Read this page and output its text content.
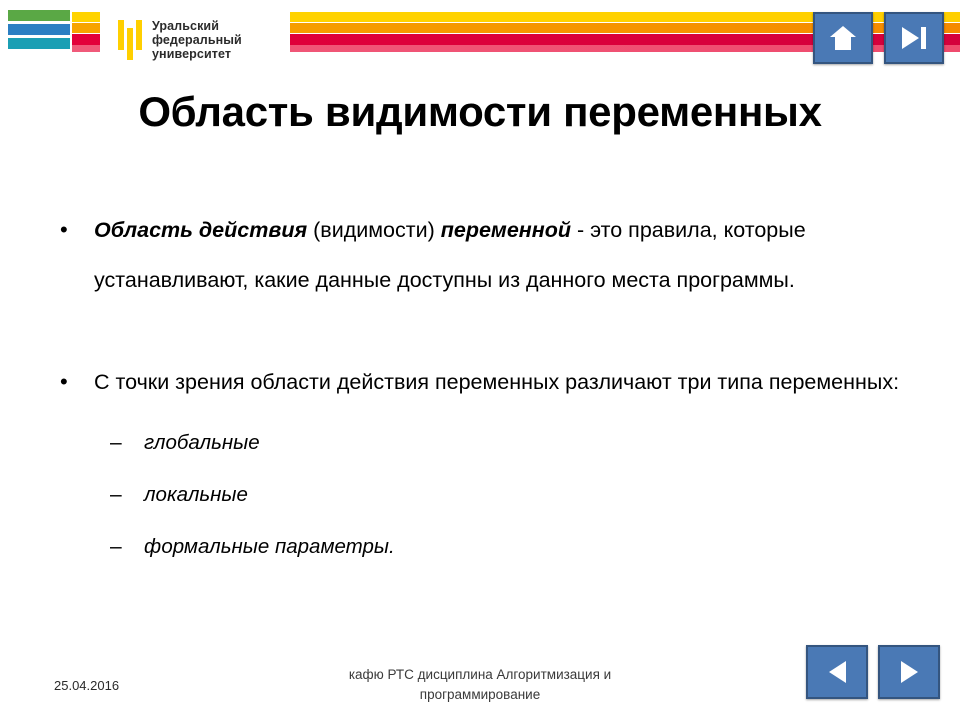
Уральский
федеральный
университет
Область видимости переменных
• Область действия (видимости) переменной - это правила, которые устанавливают, какие данные доступны из данного места программы.
• С точки зрения области действия переменных различают три типа переменных:
– глобальные
– локальные
– формальные параметры.
25.04.2016
кафю РТС дисциплина Алгоритмизация и
программирование
